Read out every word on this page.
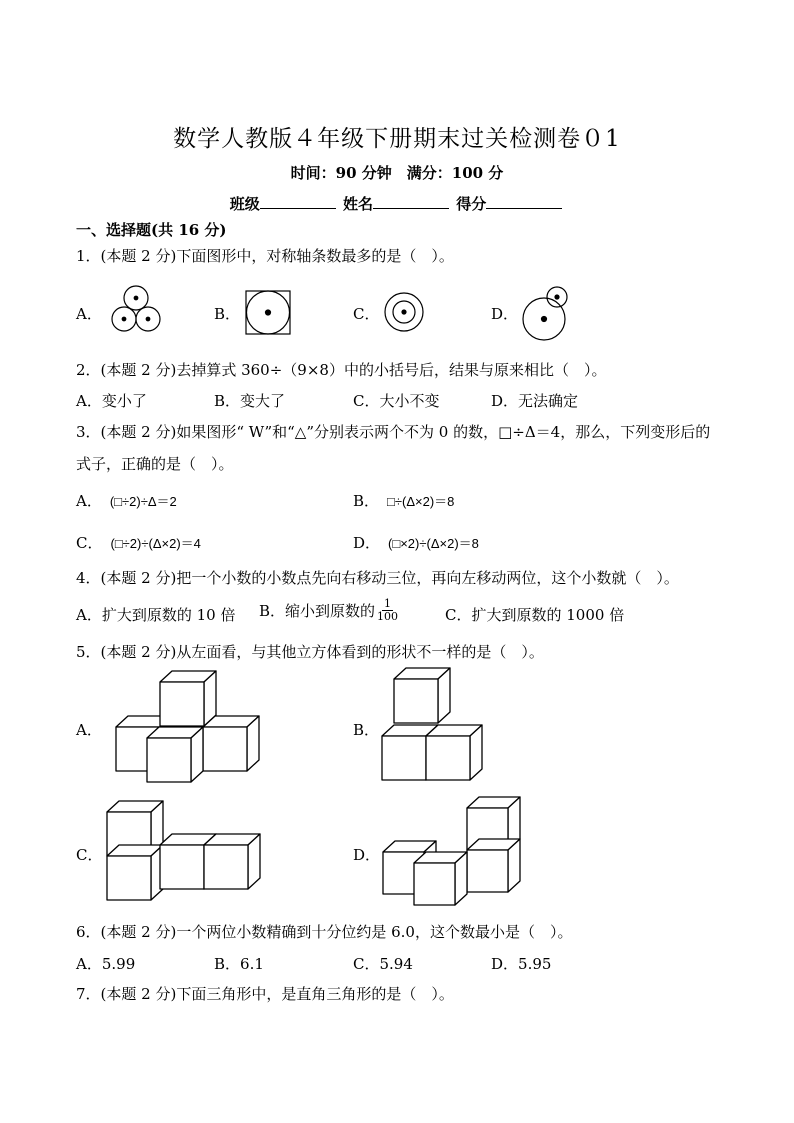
数学人教版４年级下册期末过关检测卷０1
时间：90 分钟　满分：100 分
班级	姓名	得分
一、选择题(共 16 分)
1．(本题 2 分)下面图形中，对称轴条数最多的是（　）。
A．	B．	C．	D．
2．(本题 2 分)去掉算式 360÷（9×8）中的小括号后，结果与原来相比（　）。
A．变小了	B．变大了	C．大小不变	D．无法确定
3．(本题 2 分)如果图形“ W”和“△”分别表示两个不为 0 的数，□÷Δ＝4，那么，下列变形后的
式子，正确的是（　）。
A． (□÷2)÷Δ＝2	B． □÷(Δ×2)＝8
C． (□÷2)÷(Δ×2)＝4	D． (□×2)÷(Δ×2)＝8
4．(本题 2 分)把一个小数的小数点先向右移动三位，再向左移动两位，这个小数就（　）。
A．扩大到原数的 10 倍 B．缩小到原数的 $\frac{1}{100}$	C．扩大到原数的 1000 倍
5．(本题 2 分)从左面看，与其他立方体看到的形状不一样的是（　）。
A．	B．
C．	D．
6．(本题 2 分)一个两位小数精确到十分位约是 6.0，这个数最小是（　）。
A．5.99	B．6.1	C．5.94	D．5.95
7．(本题 2 分)下面三角形中，是直角三角形的是（　）。
